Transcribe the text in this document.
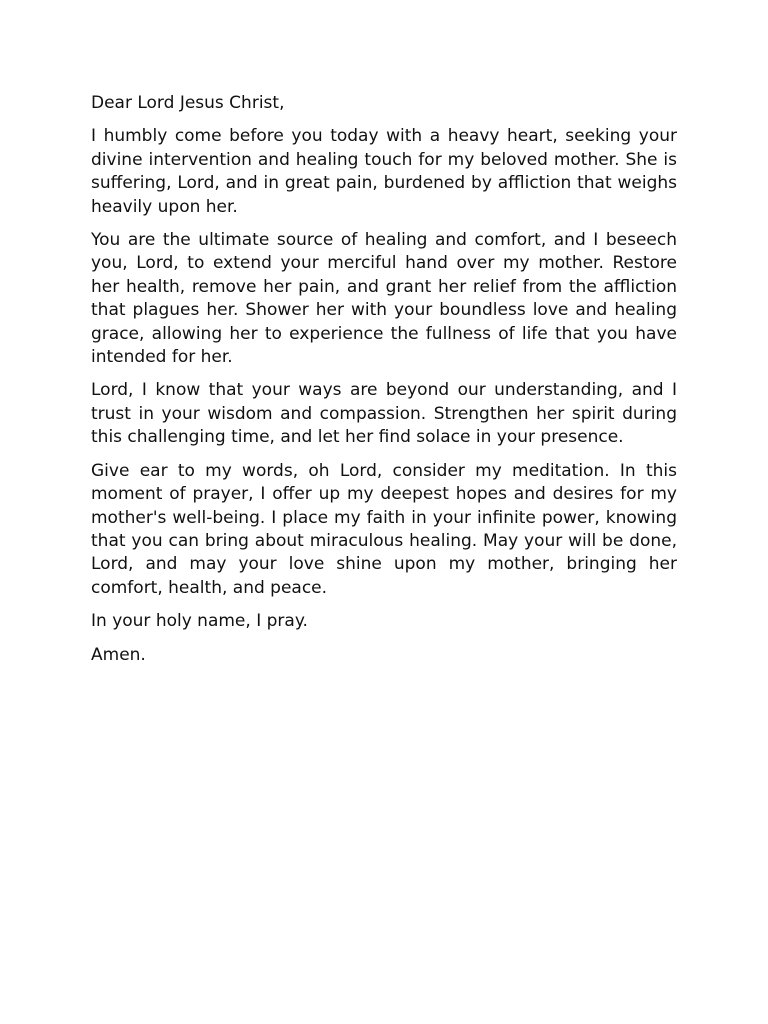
Dear Lord Jesus Christ,

I humbly come before you today with a heavy heart, seeking your divine intervention and healing touch for my beloved mother. She is suffering, Lord, and in great pain, burdened by affliction that weighs heavily upon her.

You are the ultimate source of healing and comfort, and I beseech you, Lord, to extend your merciful hand over my mother. Restore her health, remove her pain, and grant her relief from the affliction that plagues her. Shower her with your boundless love and healing grace, allowing her to experience the fullness of life that you have intended for her.

Lord, I know that your ways are beyond our understanding, and I trust in your wisdom and compassion. Strengthen her spirit during this challenging time, and let her find solace in your presence.

Give ear to my words, oh Lord, consider my meditation. In this moment of prayer, I offer up my deepest hopes and desires for my mother's well-being. I place my faith in your infinite power, knowing that you can bring about miraculous healing. May your will be done, Lord, and may your love shine upon my mother, bringing her comfort, health, and peace.

In your holy name, I pray.

Amen.
